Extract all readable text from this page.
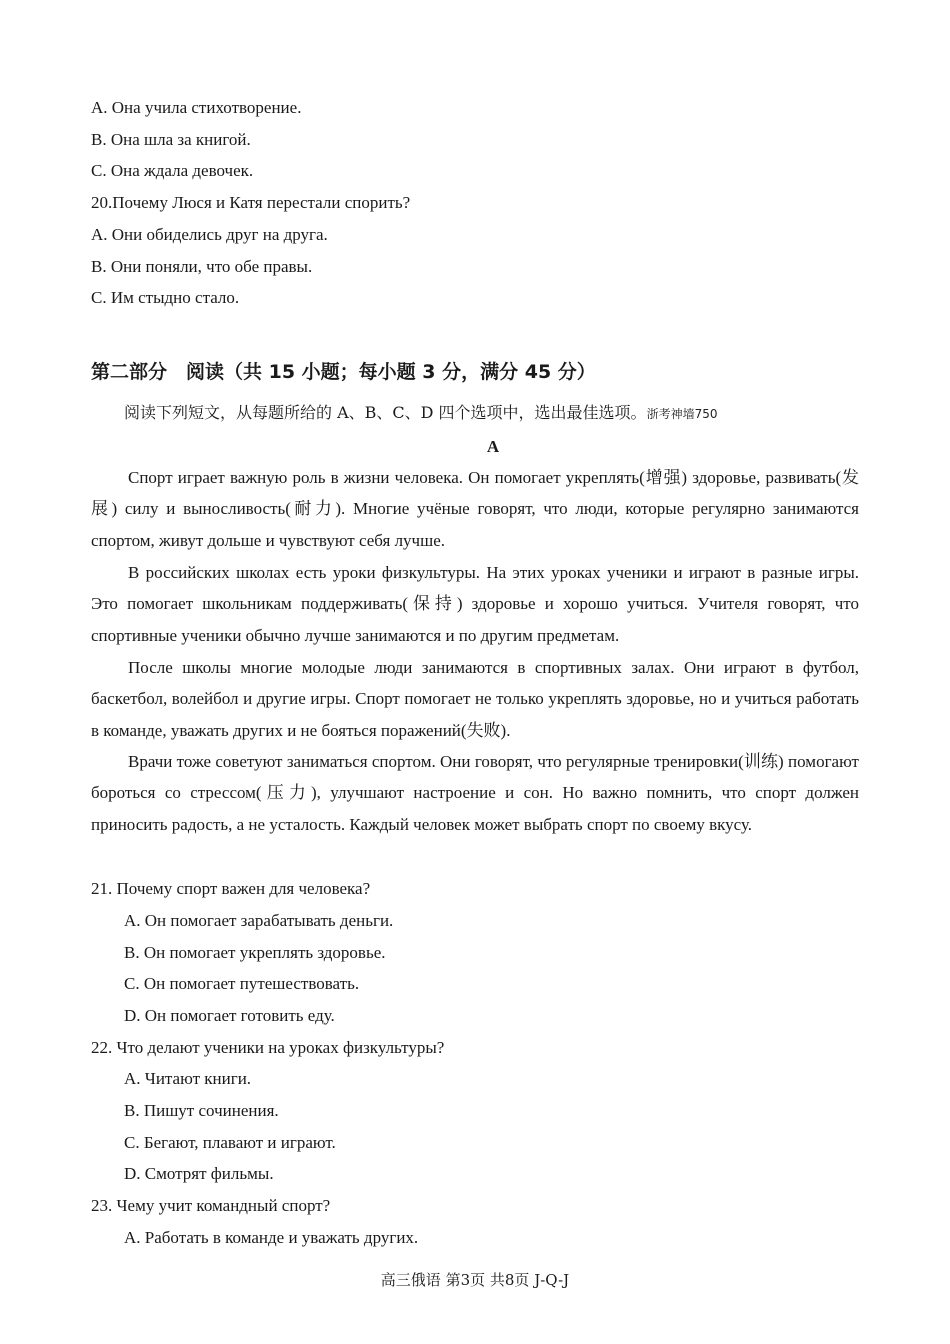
A. Она учила стихотворение.
B. Она шла за книгой.
C. Она ждала девочек.
20.Почему Люся и Катя перестали спорить?
A. Они обиделись друг на друга.
B. Они поняли, что обе правы.
C. Им стыдно стало.
第二部分　阅读（共 15 小题；每小题 3 分，满分 45 分）
阅读下列短文，从每题所给的 A、B、C、D 四个选项中，选出最佳选项。浙考神墙750
A

Спорт играет важную роль в жизни человека. Он помогает укреплять(增强) здоровье, развивать(发展) силу и выносливость(耐力). Многие учёные говорят, что люди, которые регулярно занимаются спортом, живут дольше и чувствуют себя лучше.

В российских школах есть уроки физкультуры. На этих уроках ученики и играют в разные игры. Это помогает школьникам поддерживать(保持) здоровье и хорошо учиться. Учителя говорят, что спортивные ученики обычно лучше занимаются и по другим предметам.

После школы многие молодые люди занимаются в спортивных залах. Они играют в футбол, баскетбол, волейбол и другие игры. Спорт помогает не только укреплять здоровье, но и учиться работать в команде, уважать других и не бояться поражений(失败).

Врачи тоже советуют заниматься спортом. Они говорят, что регулярные тренировки(训练) помогают бороться со стрессом(压力), улучшают настроение и сон. Но важно помнить, что спорт должен приносить радость, а не усталость. Каждый человек может выбрать спорт по своему вкусу.

21. Почему спорт важен для человека?
A. Он помогает зарабатывать деньги.
B. Он помогает укреплять здоровье.
C. Он помогает путешествовать.
D. Он помогает готовить еду.
22. Что делают ученики на уроках физкультуры?
A. Читают книги.
B. Пишут сочинения.
C. Бегают, плавают и играют.
D. Смотрят фильмы.
23. Чему учит командный спорт?
A. Работать в команде и уважать других.
高三俄语 第3页 共8页 J-Q-J
